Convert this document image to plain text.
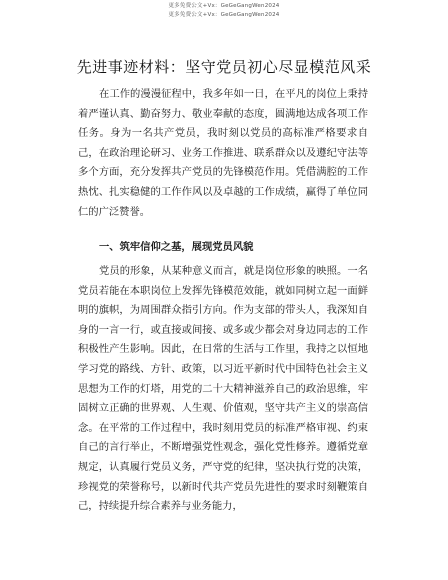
更多免费公文+Vx：GeGeGangWen2024
更多免费公文+Vx：GeGeGangWen2024
先进事迹材料：坚守党员初心尽显模范风采

在工作的漫漫征程中，我多年如一日，在平凡的岗位上秉持着严谨认真、勤奋努力、敬业奉献的态度，圆满地达成各项工作任务。身为一名共产党员，我时刻以党员的高标准严格要求自己，在政治理论研习、业务工作推进、联系群众以及遵纪守法等多个方面，充分发挥共产党员的先锋模范作用。凭借满腔的工作热忱、扎实稳健的工作作风以及卓越的工作成绩，赢得了单位同仁的广泛赞誉。

一、筑牢信仰之基，展现党员风貌

党员的形象，从某种意义而言，就是岗位形象的映照。一名党员若能在本职岗位上发挥先锋模范效能，就如同树立起一面鲜明的旗帜，为周围群众指引方向。作为支部的带头人，我深知自身的一言一行，或直接或间接、或多或少都会对身边同志的工作积极性产生影响。因此，在日常的生活与工作里，我持之以恒地学习党的路线、方针、政策，以习近平新时代中国特色社会主义思想为工作的灯塔，用党的二十大精神滋养自己的政治思维，牢固树立正确的世界观、人生观、价值观，坚守共产主义的崇高信念。在平常的工作过程中，我时刻用党员的标准严格审视、约束自己的言行举止，不断增强党性观念，强化党性修养。遵循党章规定，认真履行党员义务，严守党的纪律，坚决执行党的决策，珍视党的荣誉称号，以新时代共产党员先进性的要求时刻鞭策自己，持续提升综合素养与业务能力，
